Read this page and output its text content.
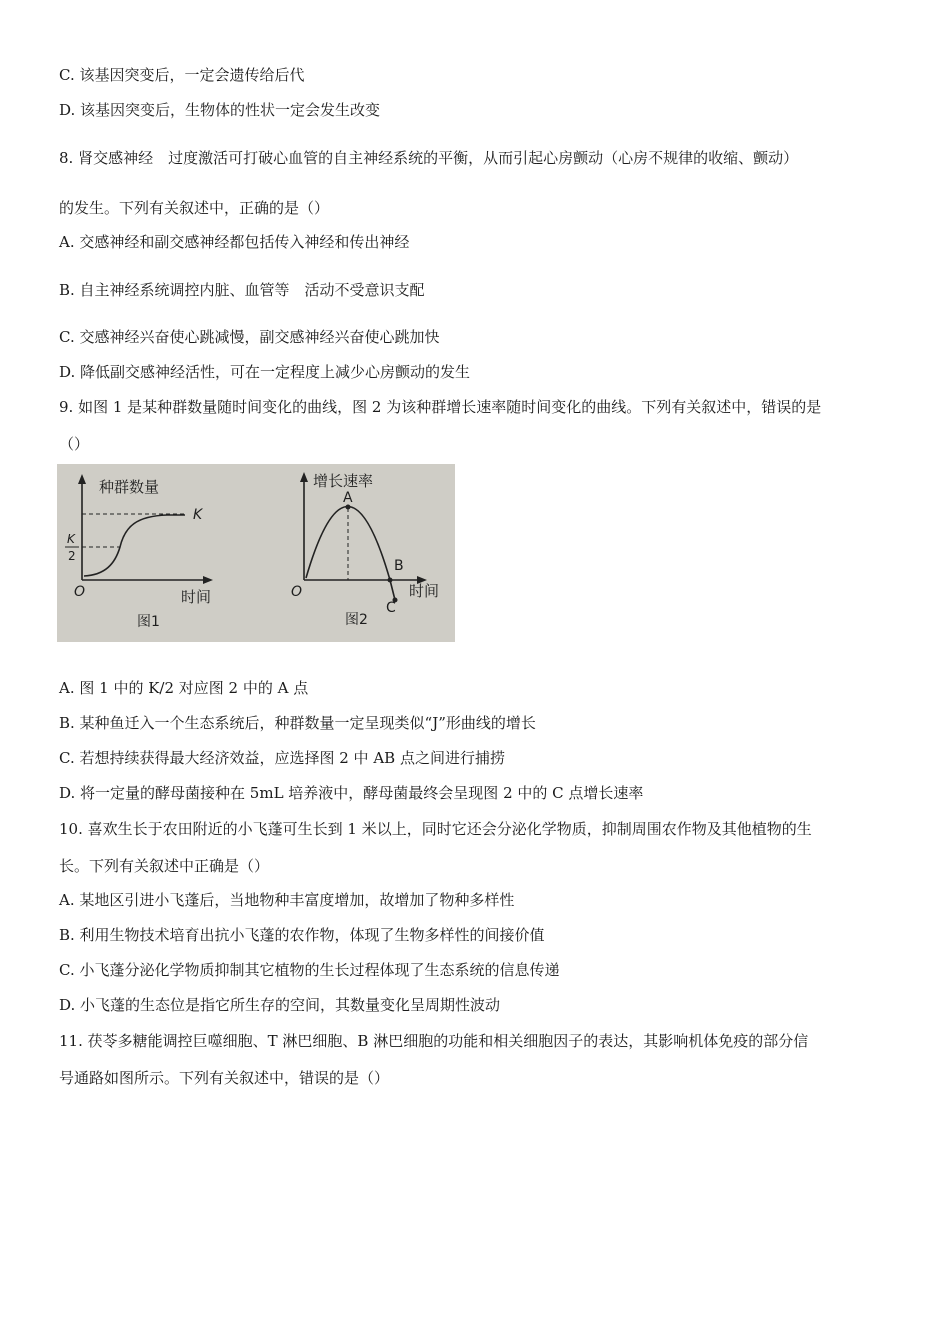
C. 该基因突变后，一定会遗传给后代
D. 该基因突变后，生物体的性状一定会发生改变
8. 肾交感神经　过度激活可打破心血管的自主神经系统的平衡，从而引起心房颤动（心房不规律的收缩、颤动）
的发生。下列有关叙述中，正确的是（）
A. 交感神经和副交感神经都包括传入神经和传出神经
B. 自主神经系统调控内脏、血管等　活动不受意识支配
C. 交感神经兴奋使心跳减慢，副交感神经兴奋使心跳加快
D. 降低副交感神经活性，可在一定程度上减少心房颤动的发生
9. 如图 1 是某种群数量随时间变化的曲线，图 2 为该种群增长速率随时间变化的曲线。下列有关叙述中，错误的是
（）
种群数量
K
K
2
O	时间
图1
增长速率
A
B
C
O	时间
图2
A. 图 1 中的 K/2 对应图 2 中的 A 点
B. 某种鱼迁入一个生态系统后，种群数量一定呈现类似“J”形曲线的增长
C. 若想持续获得最大经济效益，应选择图 2 中 AB 点之间进行捕捞
D. 将一定量的酵母菌接种在 5mL 培养液中，酵母菌最终会呈现图 2 中的 C 点增长速率
10. 喜欢生长于农田附近的小飞蓬可生长到 1 米以上，同时它还会分泌化学物质，抑制周围农作物及其他植物的生
长。下列有关叙述中正确是（）
A. 某地区引进小飞蓬后，当地物种丰富度增加，故增加了物种多样性
B. 利用生物技术培育出抗小飞蓬的农作物，体现了生物多样性的间接价值
C. 小飞蓬分泌化学物质抑制其它植物的生长过程体现了生态系统的信息传递
D. 小飞蓬的生态位是指它所生存的空间，其数量变化呈周期性波动
11. 茯苓多糖能调控巨噬细胞、T 淋巴细胞、B 淋巴细胞的功能和相关细胞因子的表达，其影响机体免疫的部分信
号通路如图所示。下列有关叙述中，错误的是（）
